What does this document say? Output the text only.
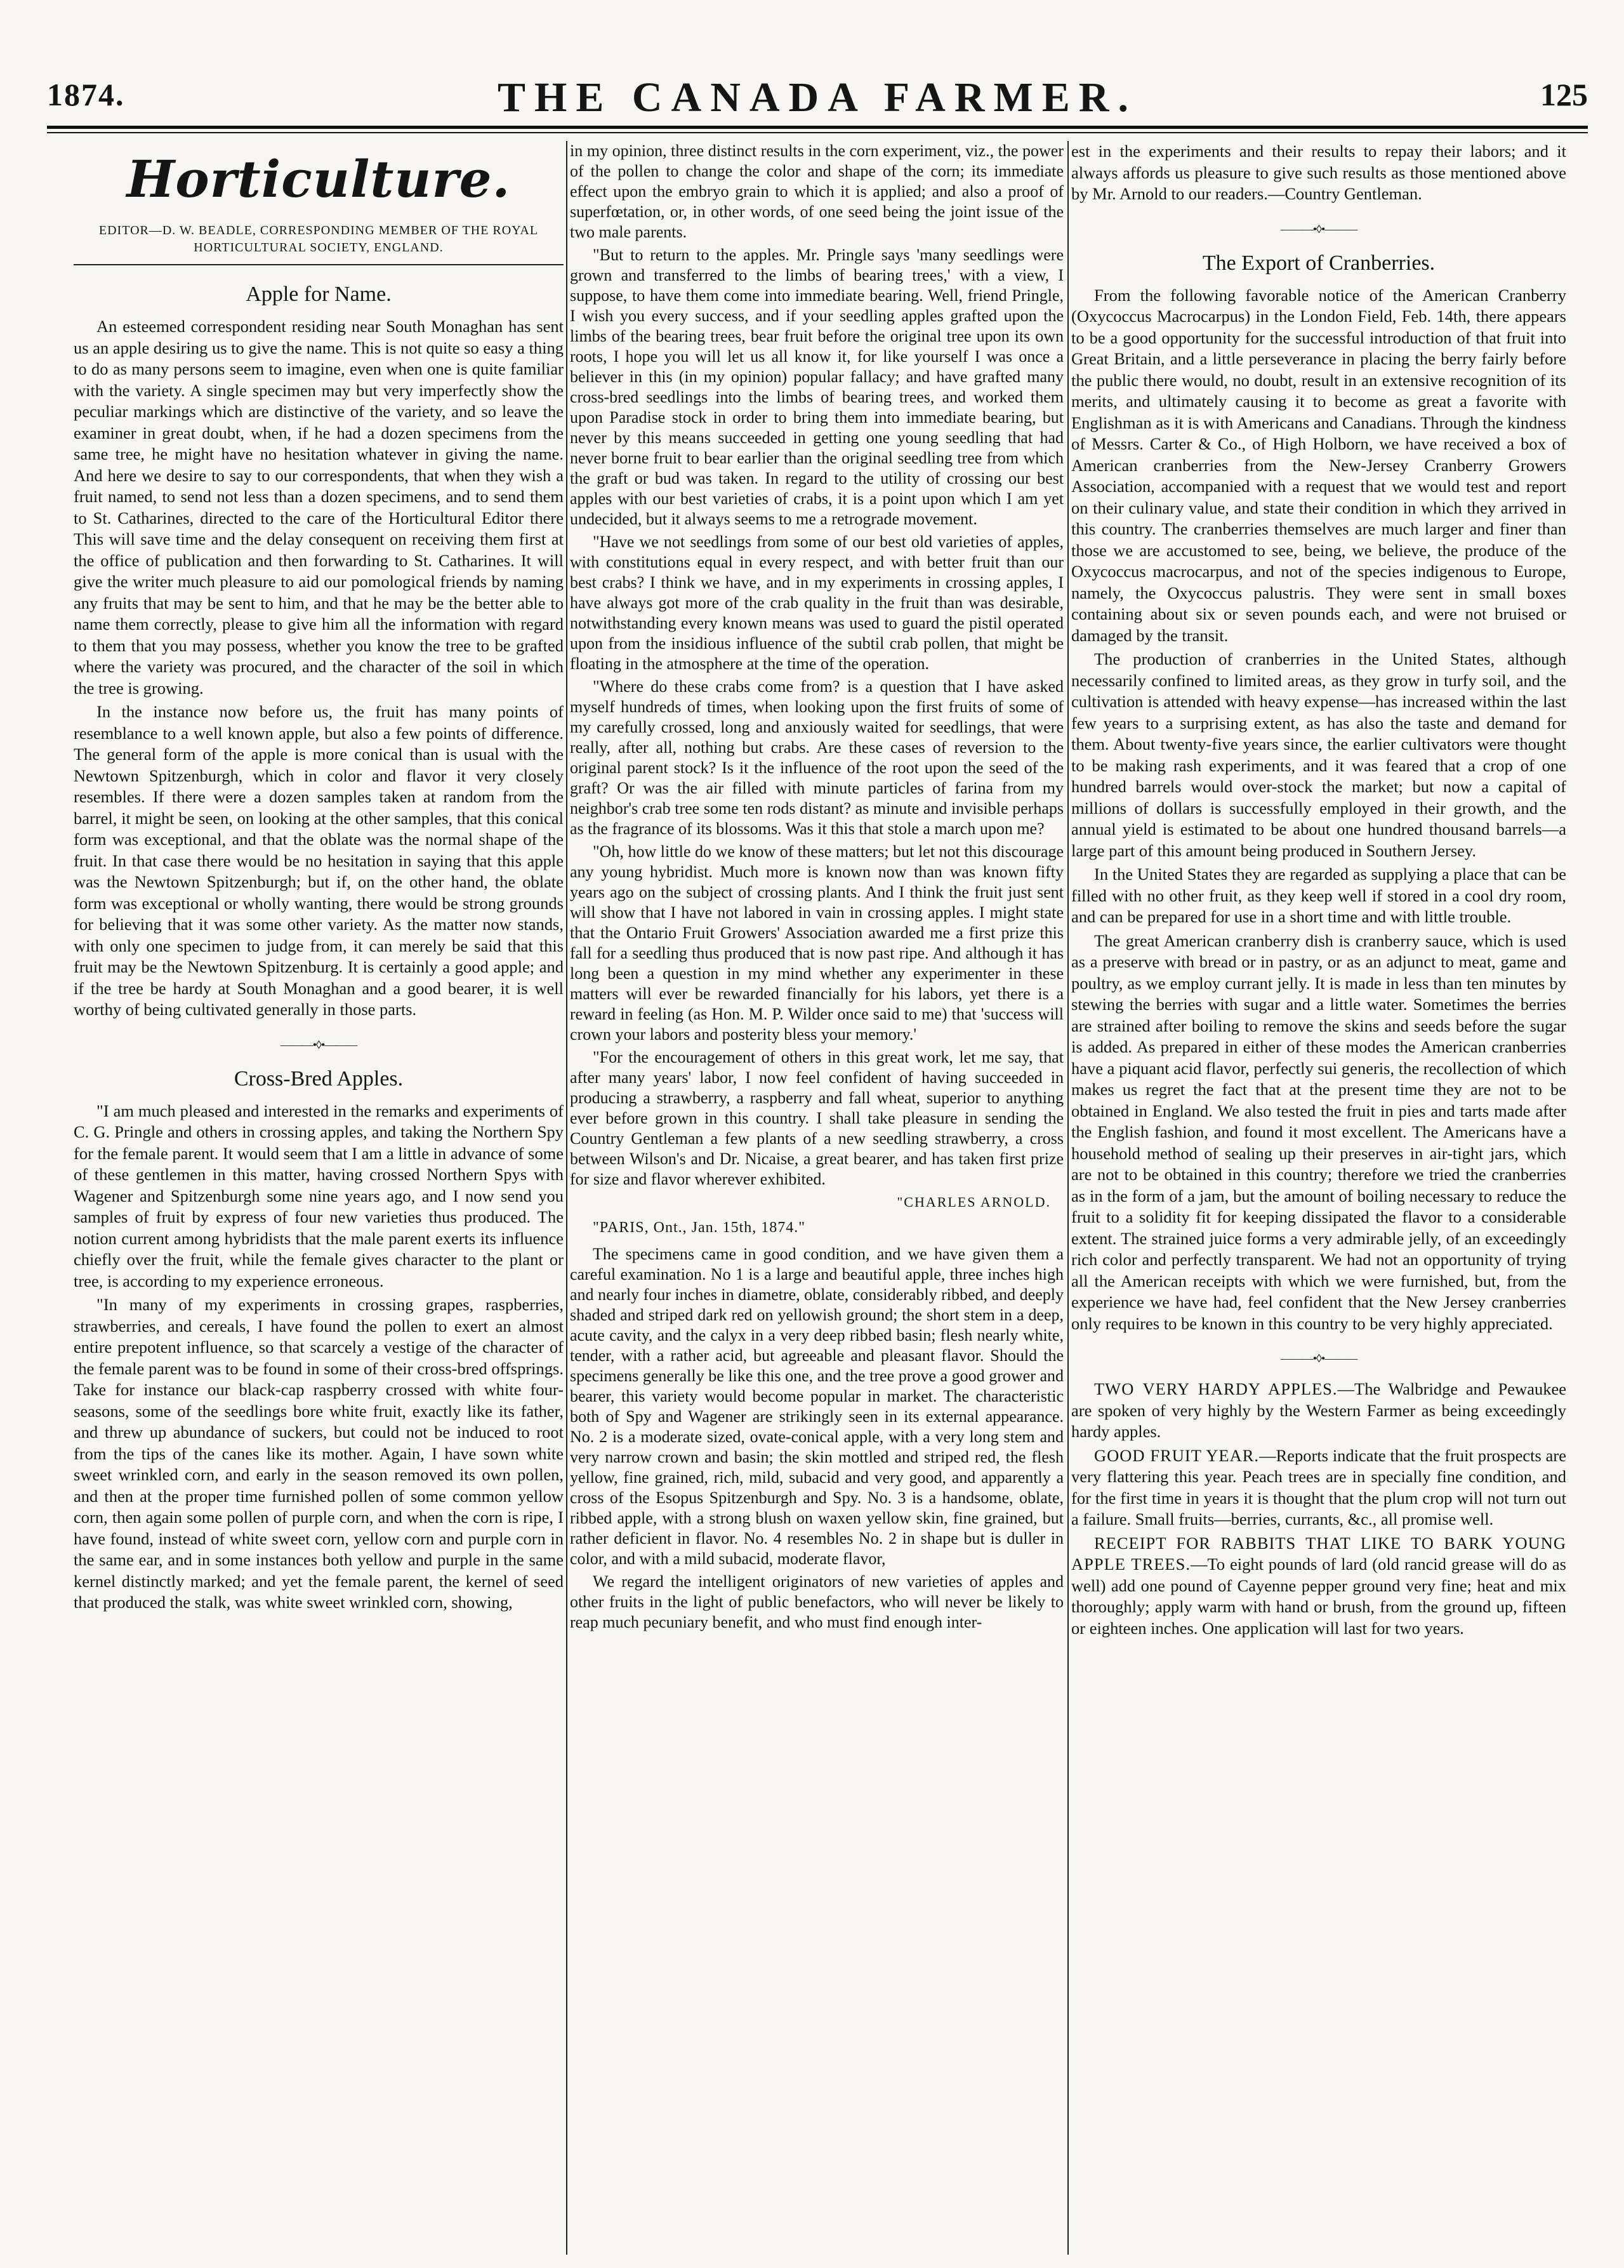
1874.	THE CANADA FARMER.	125
Horticulture.
EDITOR—D. W. BEADLE, CORRESPONDING MEMBER OF THE ROYAL HORTICULTURAL SOCIETY, ENGLAND.
Apple for Name.

An esteemed correspondent residing near South Monaghan has sent us an apple desiring us to give the name. This is not quite so easy a thing to do as many persons seem to imagine, even when one is quite familiar with the variety. A single specimen may but very imperfectly show the peculiar markings which are distinctive of the variety, and so leave the examiner in great doubt, when, if he had a dozen specimens from the same tree, he might have no hesitation whatever in giving the name. And here we desire to say to our correspondents, that when they wish a fruit named, to send not less than a dozen specimens, and to send them to St. Catharines, directed to the care of the Horticultural Editor there This will save time and the delay consequent on receiving them first at the office of publication and then forwarding to St. Catharines. It will give the writer much pleasure to aid our pomological friends by naming any fruits that may be sent to him, and that he may be the better able to name them correctly, please to give him all the information with regard to them that you may possess, whether you know the tree to be grafted where the variety was procured, and the character of the soil in which the tree is growing.

In the instance now before us, the fruit has many points of resemblance to a well known apple, but also a few points of difference. The general form of the apple is more conical than is usual with the Newtown Spitzenburgh, which in color and flavor it very closely resembles. If there were a dozen samples taken at random from the barrel, it might be seen, on looking at the other samples, that this conical form was exceptional, and that the oblate was the normal shape of the fruit. In that case there would be no hesitation in saying that this apple was the Newtown Spitzenburgh; but if, on the other hand, the oblate form was exceptional or wholly wanting, there would be strong grounds for believing that it was some other variety. As the matter now stands, with only one specimen to judge from, it can merely be said that this fruit may be the Newtown Spitzenburg. It is certainly a good apple; and if the tree be hardy at South Monaghan and a good bearer, it is well worthy of being cultivated generally in those parts.

———•◊•———
Cross-Bred Apples.

"I am much pleased and interested in the remarks and experiments of C. G. Pringle and others in crossing apples, and taking the Northern Spy for the female parent. It would seem that I am a little in advance of some of these gentlemen in this matter, having crossed Northern Spys with Wagener and Spitzenburgh some nine years ago, and I now send you samples of fruit by express of four new varieties thus produced. The notion current among hybridists that the male parent exerts its influence chiefly over the fruit, while the female gives character to the plant or tree, is according to my experience erroneous.

"In many of my experiments in crossing grapes, raspberries, strawberries, and cereals, I have found the pollen to exert an almost entire prepotent influence, so that scarcely a vestige of the character of the female parent was to be found in some of their cross-bred offsprings. Take for instance our black-cap raspberry crossed with white four-seasons, some of the seedlings bore white fruit, exactly like its father, and threw up abundance of suckers, but could not be induced to root from the tips of the canes like its mother. Again, I have sown white sweet wrinkled corn, and early in the season removed its own pollen, and then at the proper time furnished pollen of some common yellow corn, then again some pollen of purple corn, and when the corn is ripe, I have found, instead of white sweet corn, yellow corn and purple corn in the same ear, and in some instances both yellow and purple in the same kernel distinctly marked; and yet the female parent, the kernel of seed that produced the stalk, was white sweet wrinkled corn, showing,

in my opinion, three distinct results in the corn experiment, viz., the power of the pollen to change the color and shape of the corn; its immediate effect upon the embryo grain to which it is applied; and also a proof of superfœtation, or, in other words, of one seed being the joint issue of the two male parents.

"But to return to the apples. Mr. Pringle says 'many seedlings were grown and transferred to the limbs of bearing trees,' with a view, I suppose, to have them come into immediate bearing. Well, friend Pringle, I wish you every success, and if your seedling apples grafted upon the limbs of the bearing trees, bear fruit before the original tree upon its own roots, I hope you will let us all know it, for like yourself I was once a believer in this (in my opinion) popular fallacy; and have grafted many cross-bred seedlings into the limbs of bearing trees, and worked them upon Paradise stock in order to bring them into immediate bearing, but never by this means succeeded in getting one young seedling that had never borne fruit to bear earlier than the original seedling tree from which the graft or bud was taken. In regard to the utility of crossing our best apples with our best varieties of crabs, it is a point upon which I am yet undecided, but it always seems to me a retrograde movement.

"Have we not seedlings from some of our best old varieties of apples, with constitutions equal in every respect, and with better fruit than our best crabs? I think we have, and in my experiments in crossing apples, I have always got more of the crab quality in the fruit than was desirable, notwithstanding every known means was used to guard the pistil operated upon from the insidious influence of the subtil crab pollen, that might be floating in the atmosphere at the time of the operation.

"Where do these crabs come from? is a question that I have asked myself hundreds of times, when looking upon the first fruits of some of my carefully crossed, long and anxiously waited for seedlings, that were really, after all, nothing but crabs. Are these cases of reversion to the original parent stock? Is it the influence of the root upon the seed of the graft? Or was the air filled with minute particles of farina from my neighbor's crab tree some ten rods distant? as minute and invisible perhaps as the fragrance of its blossoms. Was it this that stole a march upon me?

"Oh, how little do we know of these matters; but let not this discourage any young hybridist. Much more is known now than was known fifty years ago on the subject of crossing plants. And I think the fruit just sent will show that I have not labored in vain in crossing apples. I might state that the Ontario Fruit Growers' Association awarded me a first prize this fall for a seedling thus produced that is now past ripe. And although it has long been a question in my mind whether any experimenter in these matters will ever be rewarded financially for his labors, yet there is a reward in feeling (as Hon. M. P. Wilder once said to me) that 'success will crown your labors and posterity bless your memory.'

"For the encouragement of others in this great work, let me say, that after many years' labor, I now feel confident of having succeeded in producing a strawberry, a raspberry and fall wheat, superior to anything ever before grown in this country. I shall take pleasure in sending the Country Gentleman a few plants of a new seedling strawberry, a cross between Wilson's and Dr. Nicaise, a great bearer, and has taken first prize for size and flavor wherever exhibited.

"CHARLES ARNOLD.

"PARIS, Ont., Jan. 15th, 1874."

The specimens came in good condition, and we have given them a careful examination. No 1 is a large and beautiful apple, three inches high and nearly four inches in diametre, oblate, considerably ribbed, and deeply shaded and striped dark red on yellowish ground; the short stem in a deep, acute cavity, and the calyx in a very deep ribbed basin; flesh nearly white, tender, with a rather acid, but agreeable and pleasant flavor. Should the specimens generally be like this one, and the tree prove a good grower and bearer, this variety would become popular in market. The characteristic both of Spy and Wagener are strikingly seen in its external appearance. No. 2 is a moderate sized, ovate-conical apple, with a very long stem and very narrow crown and basin; the skin mottled and striped red, the flesh yellow, fine grained, rich, mild, subacid and very good, and apparently a cross of the Esopus Spitzenburgh and Spy. No. 3 is a handsome, oblate, ribbed apple, with a strong blush on waxen yellow skin, fine grained, but rather deficient in flavor. No. 4 resembles No. 2 in shape but is duller in color, and with a mild subacid, moderate flavor,

We regard the intelligent originators of new varieties of apples and other fruits in the light of public benefactors, who will never be likely to reap much pecuniary benefit, and who must find enough inter-

est in the experiments and their results to repay their labors; and it always affords us pleasure to give such results as those mentioned above by Mr. Arnold to our readers.—Country Gentleman.

———•◊•———
The Export of Cranberries.

From the following favorable notice of the American Cranberry (Oxycoccus Macrocarpus) in the London Field, Feb. 14th, there appears to be a good opportunity for the successful introduction of that fruit into Great Britain, and a little perseverance in placing the berry fairly before the public there would, no doubt, result in an extensive recognition of its merits, and ultimately causing it to become as great a favorite with Englishman as it is with Americans and Canadians. Through the kindness of Messrs. Carter & Co., of High Holborn, we have received a box of American cranberries from the New-Jersey Cranberry Growers Association, accompanied with a request that we would test and report on their culinary value, and state their condition in which they arrived in this country. The cranberries themselves are much larger and finer than those we are accustomed to see, being, we believe, the produce of the Oxycoccus macrocarpus, and not of the species indigenous to Europe, namely, the Oxycoccus palustris. They were sent in small boxes containing about six or seven pounds each, and were not bruised or damaged by the transit.

The production of cranberries in the United States, although necessarily confined to limited areas, as they grow in turfy soil, and the cultivation is attended with heavy expense—has increased within the last few years to a surprising extent, as has also the taste and demand for them. About twenty-five years since, the earlier cultivators were thought to be making rash experiments, and it was feared that a crop of one hundred barrels would over-stock the market; but now a capital of millions of dollars is successfully employed in their growth, and the annual yield is estimated to be about one hundred thousand barrels—a large part of this amount being produced in Southern Jersey.

In the United States they are regarded as supplying a place that can be filled with no other fruit, as they keep well if stored in a cool dry room, and can be prepared for use in a short time and with little trouble.

The great American cranberry dish is cranberry sauce, which is used as a preserve with bread or in pastry, or as an adjunct to meat, game and poultry, as we employ currant jelly. It is made in less than ten minutes by stewing the berries with sugar and a little water. Sometimes the berries are strained after boiling to remove the skins and seeds before the sugar is added. As prepared in either of these modes the American cranberries have a piquant acid flavor, perfectly sui generis, the recollection of which makes us regret the fact that at the present time they are not to be obtained in England. We also tested the fruit in pies and tarts made after the English fashion, and found it most excellent. The Americans have a household method of sealing up their preserves in air-tight jars, which are not to be obtained in this country; therefore we tried the cranberries as in the form of a jam, but the amount of boiling necessary to reduce the fruit to a solidity fit for keeping dissipated the flavor to a considerable extent. The strained juice forms a very admirable jelly, of an exceedingly rich color and perfectly transparent. We had not an opportunity of trying all the American receipts with which we were furnished, but, from the experience we have had, feel confident that the New Jersey cranberries only requires to be known in this country to be very highly appreciated.

———•◊•———

TWO VERY HARDY APPLES.—The Walbridge and Pewaukee are spoken of very highly by the Western Farmer as being exceedingly hardy apples.

GOOD FRUIT YEAR.—Reports indicate that the fruit prospects are very flattering this year. Peach trees are in specially fine condition, and for the first time in years it is thought that the plum crop will not turn out a failure. Small fruits—berries, currants, &c., all promise well.

RECEIPT FOR RABBITS THAT LIKE TO BARK YOUNG APPLE TREES.—To eight pounds of lard (old rancid grease will do as well) add one pound of Cayenne pepper ground very fine; heat and mix thoroughly; apply warm with hand or brush, from the ground up, fifteen or eighteen inches. One application will last for two years.
